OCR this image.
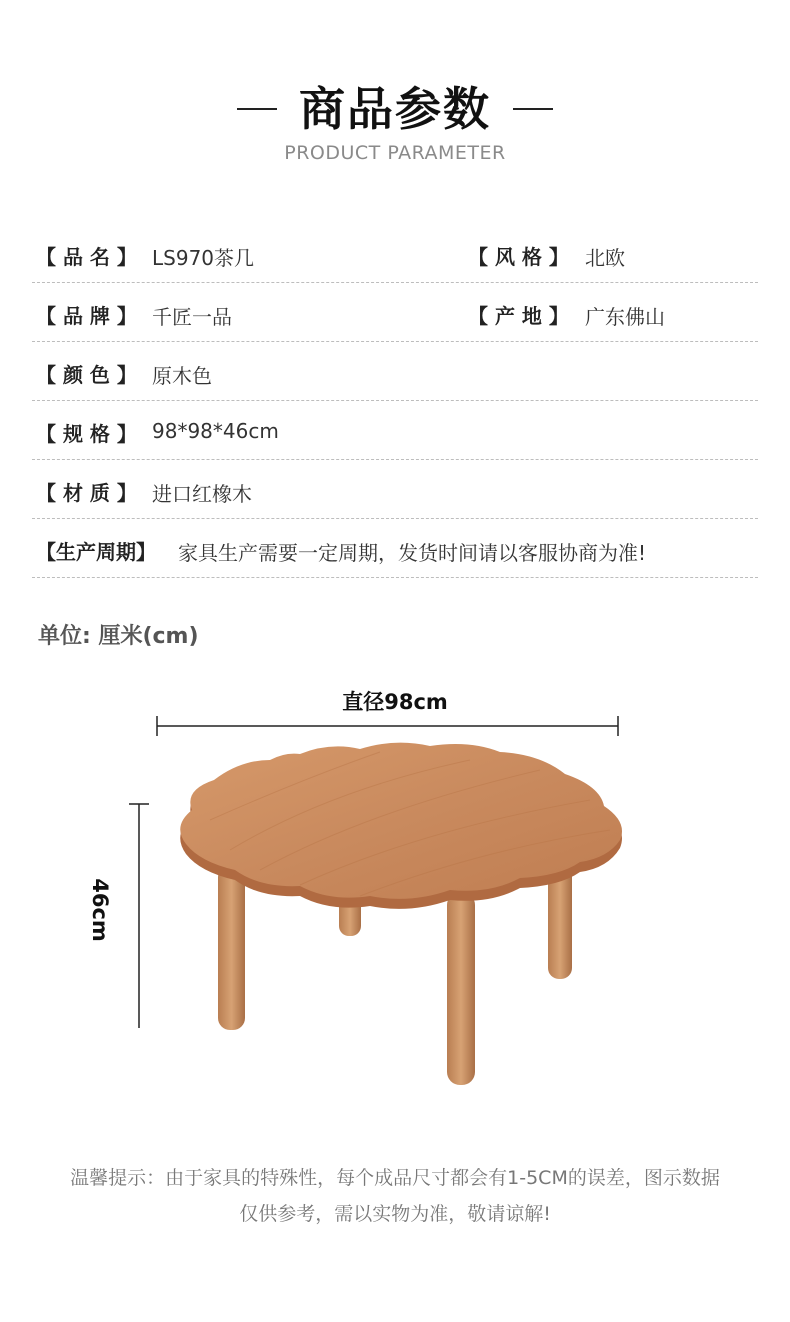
商品参数
PRODUCT PARAMETER
【 品 名 】 LS970茶几	【 风 格 】 北欧
【 品 牌 】 千匠一品	【 产 地 】 广东佛山
【 颜 色 】 原木色
【 规 格 】 98*98*46cm
【 材 质 】 进口红橡木
【生产周期】 家具生产需要一定周期，发货时间请以客服协商为准!
单位: 厘米(cm)
直径98cm
46cm
温馨提示：由于家具的特殊性，每个成品尺寸都会有1-5CM的误差，图示数据
仅供参考，需以实物为准，敬请谅解!
